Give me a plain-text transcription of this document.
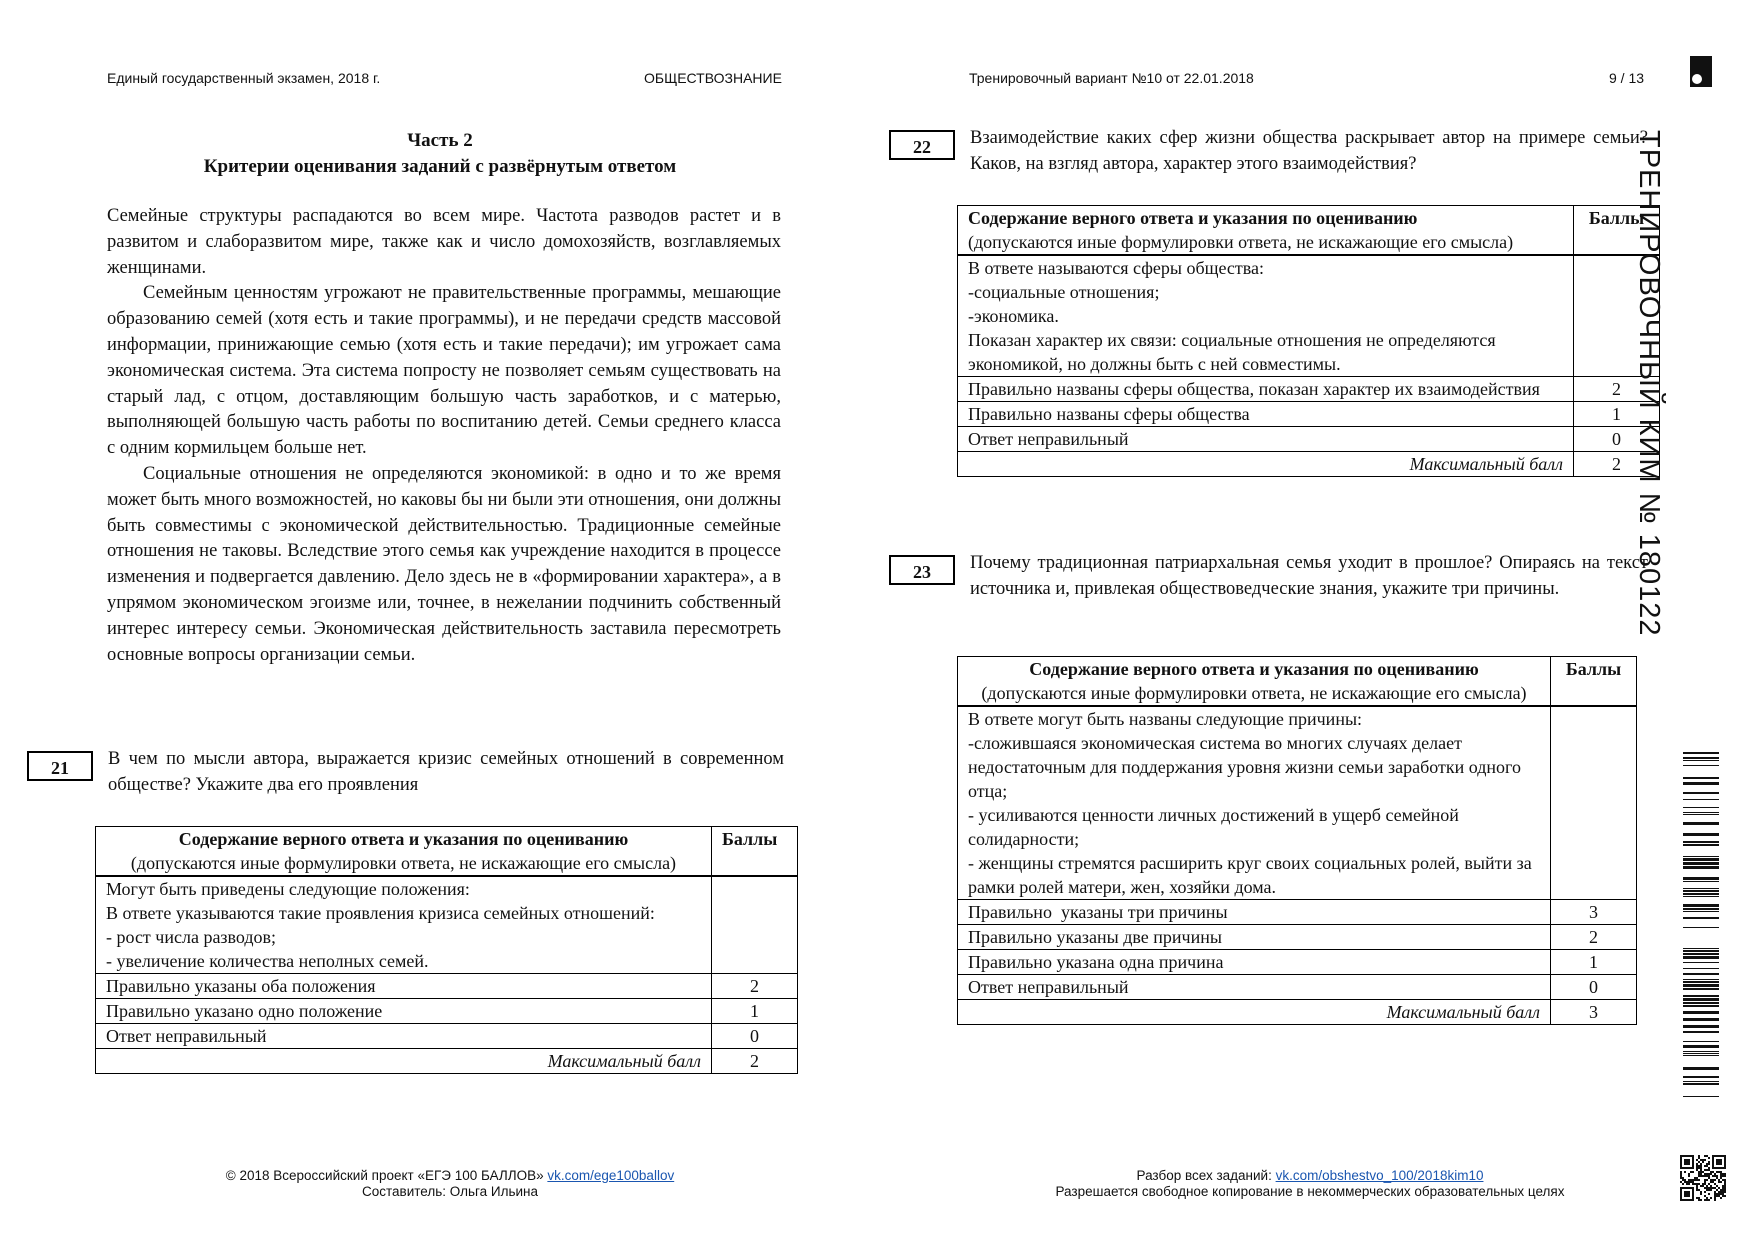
Единый государственный экзамен, 2018 г.	ОБЩЕСТВОЗНАНИЕ	Тренировочный вариант №10 от 22.01.2018	9 / 13
Часть 2
Критерии оценивания заданий с развёрнутым ответом

Семейные структуры распадаются во всем мире. Частота разводов растет и в развитом и слаборазвитом мире, также как и число домохозяйств, возглавляемых женщинами.

Семейным ценностям угрожают не правительственные программы, мешающие образованию семей (хотя есть и такие программы), и не передачи средств массовой информации, принижающие семью (хотя есть и такие передачи); им угрожает сама экономическая система. Эта система попросту не позволяет семьям существовать на старый лад, с отцом, доставляющим большую часть заработков, и с матерью, выполняющей большую часть работы по воспитанию детей. Семьи среднего класса с одним кормильцем больше нет.

Социальные отношения не определяются экономикой: в одно и то же время может быть много возможностей, но каковы бы ни были эти отношения, они должны быть совместимы с экономической действительностью. Традиционные семейные отношения не таковы. Вследствие этого семья как учреждение находится в процессе изменения и подвергается давлению. Дело здесь не в «формировании характера», а в упрямом экономическом эгоизме или, точнее, в нежелании подчинить собственный интерес интересу семьи. Экономическая действительность заставила пересмотреть основные вопросы организации семьи.

21	В чем по мысли автора, выражается кризис семейных отношений в современном обществе? Укажите два его проявления
Содержание верного ответа и указания по оцениванию
(допускаются иные формулировки ответа, не искажающие его смысла)	Баллы

Могут быть приведены следующие положения:
В ответе указываются такие проявления кризиса семейных отношений:
- рост числа разводов;
- увеличение количества неполных семей.	

Правильно указаны оба положения	2
Правильно указано одно положение	1
Ответ неправильный	0
Максимальный балл	2
22	Взаимодействие каких сфер жизни общества раскрывает автор на примере семьи? Каков, на взгляд автора, характер этого взаимодействия?
Содержание верного ответа и указания по оцениванию
(допускаются иные формулировки ответа, не искажающие его смысла)	Баллы

В ответе называются сферы общества:
-социальные отношения;
-экономика.
Показан характер их связи: социальные отношения не определяются экономикой, но должны быть с ней совместимы.	

Правильно названы сферы общества, показан характер их взаимодействия	2
Правильно названы сферы общества	1
Ответ неправильный	0
Максимальный балл	2
23	Почему традиционная патриархальная семья уходит в прошлое? Опираясь на текст источника и, привлекая обществоведческие знания, укажите три причины.
Содержание верного ответа и указания по оцениванию
(допускаются иные формулировки ответа, не искажающие его смысла)	Баллы

В ответе могут быть названы следующие причины:
-сложившаяся экономическая система во многих случаях делает недостаточным для поддержания уровня жизни семьи заработки одного отца;
- усиливаются ценности личных достижений в ущерб семейной солидарности;
- женщины стремятся расширить круг своих социальных ролей, выйти за рамки ролей матери, жен, хозяйки дома.	

Правильно  указаны три причины	3
Правильно указаны две причины	2
Правильно указана одна причина	1
Ответ неправильный	0
Максимальный балл	3
ТРЕНИРОВОЧНЫЙ КИМ № 180122
© 2018 Всероссийский проект «ЕГЭ 100 БАЛЛОВ» vk.com/ege100ballov
Составитель: Ольга Ильина
Разбор всех заданий: vk.com/obshestvo_100/2018kim10
Разрешается свободное копирование в некоммерческих образовательных целях
